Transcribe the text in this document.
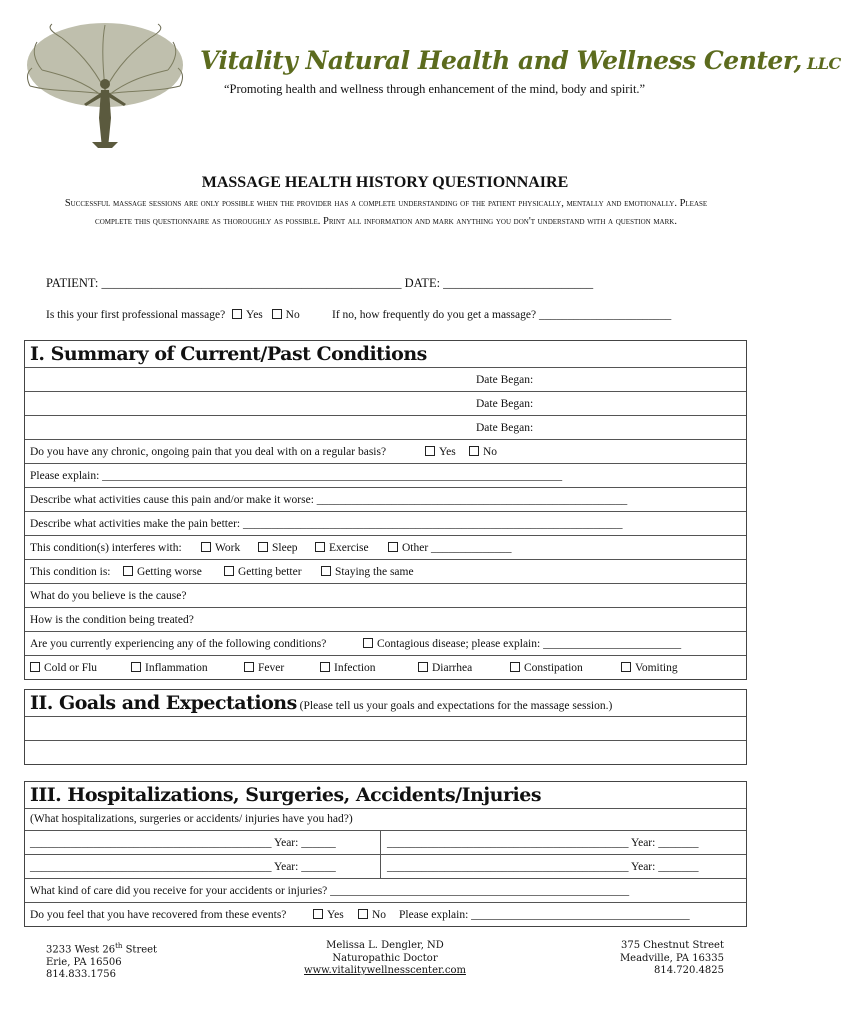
Vitality Natural Health and Wellness Center, LLC
“Promoting health and wellness through enhancement of the mind, body and spirit.”
MASSAGE HEALTH HISTORY QUESTIONNAIRE
Successful massage sessions are only possible when the provider has a complete understanding of the patient physically, mentally and emotionally. Please complete this questionnaire as thoroughly as possible. Print all information and mark anything you don't understand with a question mark.
PATIENT: ________________________________________________ DATE: ________________________
Is this your first professional massage? Yes No	If no, how frequently do you get a massage? _______________________
I. Summary of Current/Past Conditions
Date Began:
Date Began:
Date Began:
Do you have any chronic, ongoing pain that you deal with on a regular basis?	Yes	No
Please explain: ________________________________________________________________________________
Describe what activities cause this pain and/or make it worse: ______________________________________________________
Describe what activities make the pain better: __________________________________________________________________
This condition(s) interferes with:	Work	Sleep	Exercise	Other ______________
This condition is:	Getting worse	Getting better	Staying the same
What do you believe is the cause?
How is the condition being treated?
Are you currently experiencing any of the following conditions?	Contagious disease; please explain: ________________________
Cold or Flu	Inflammation	Fever	Infection	Diarrhea	Constipation	Vomiting
II. Goals and Expectations (Please tell us your goals and expectations for the massage session.)
III. Hospitalizations, Surgeries, Accidents/Injuries
(What hospitalizations, surgeries or accidents/ injuries have you had?)
__________________________________________ Year: ______	__________________________________________ Year: _______
__________________________________________ Year: ______	__________________________________________ Year: _______
What kind of care did you receive for your accidents or injuries? ____________________________________________________
Do you feel that you have recovered from these events?	Yes	No Please explain: ______________________________________
3233 West 26th Street
Erie, PA 16506
814.833.1756
Melissa L. Dengler, ND
Naturopathic Doctor
www.vitalitywellnesscenter.com
375 Chestnut Street
Meadville, PA 16335
814.720.4825
